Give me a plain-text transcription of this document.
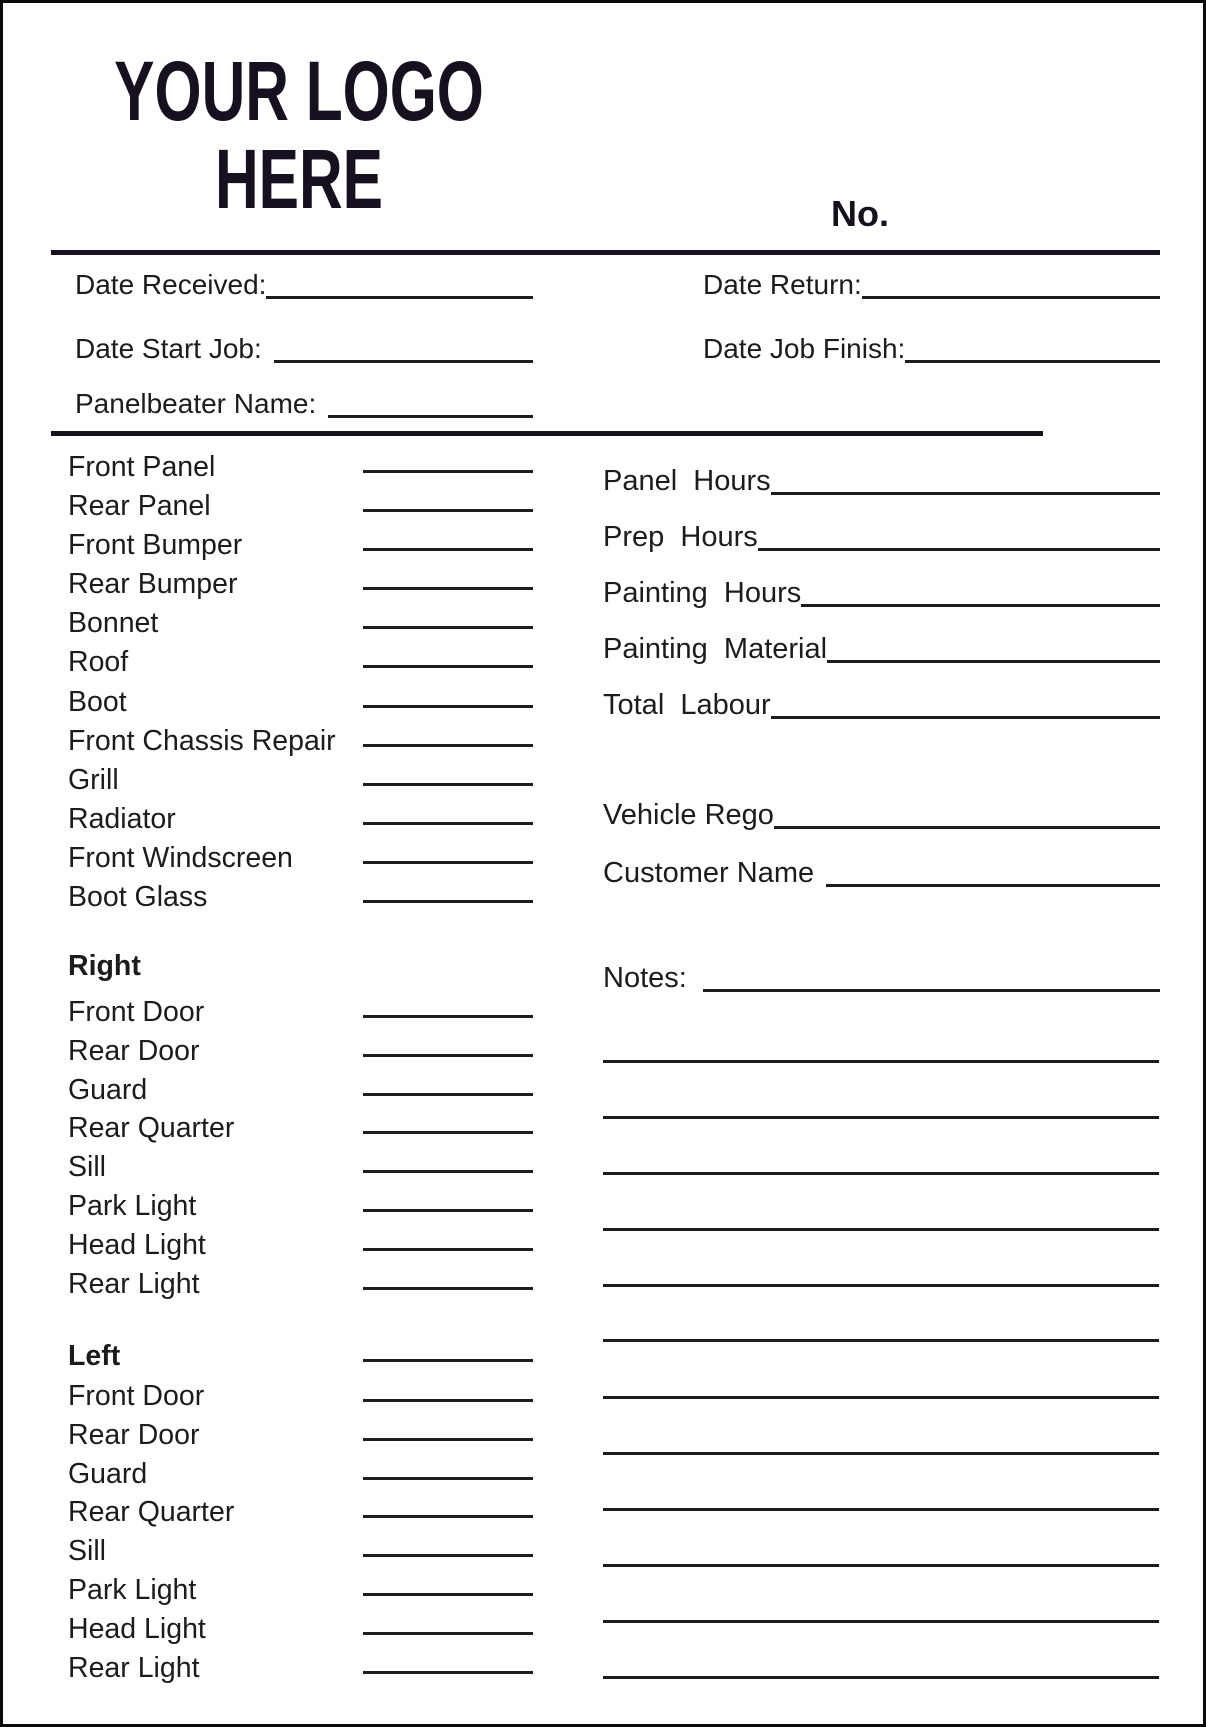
YOUR LOGO
HERE	No.
Date Received:	Date Return:
Date Start Job:	Date Job Finish:
Panelbeater Name:
Front Panel
Rear Panel
Front Bumper
Rear Bumper
Bonnet
Roof
Boot
Front Chassis Repair
Grill
Radiator
Front Windscreen
Boot Glass
Right
Front Door
Rear Door
Guard
Rear Quarter
Sill
Park Light
Head Light
Rear Light
Left
Front Door
Rear Door
Guard
Rear Quarter
Sill
Park Light
Head Light
Rear Light
Panel  Hours
Prep  Hours
Painting  Hours
Painting  Material
Total  Labour
Vehicle Rego
Customer Name
Notes:
